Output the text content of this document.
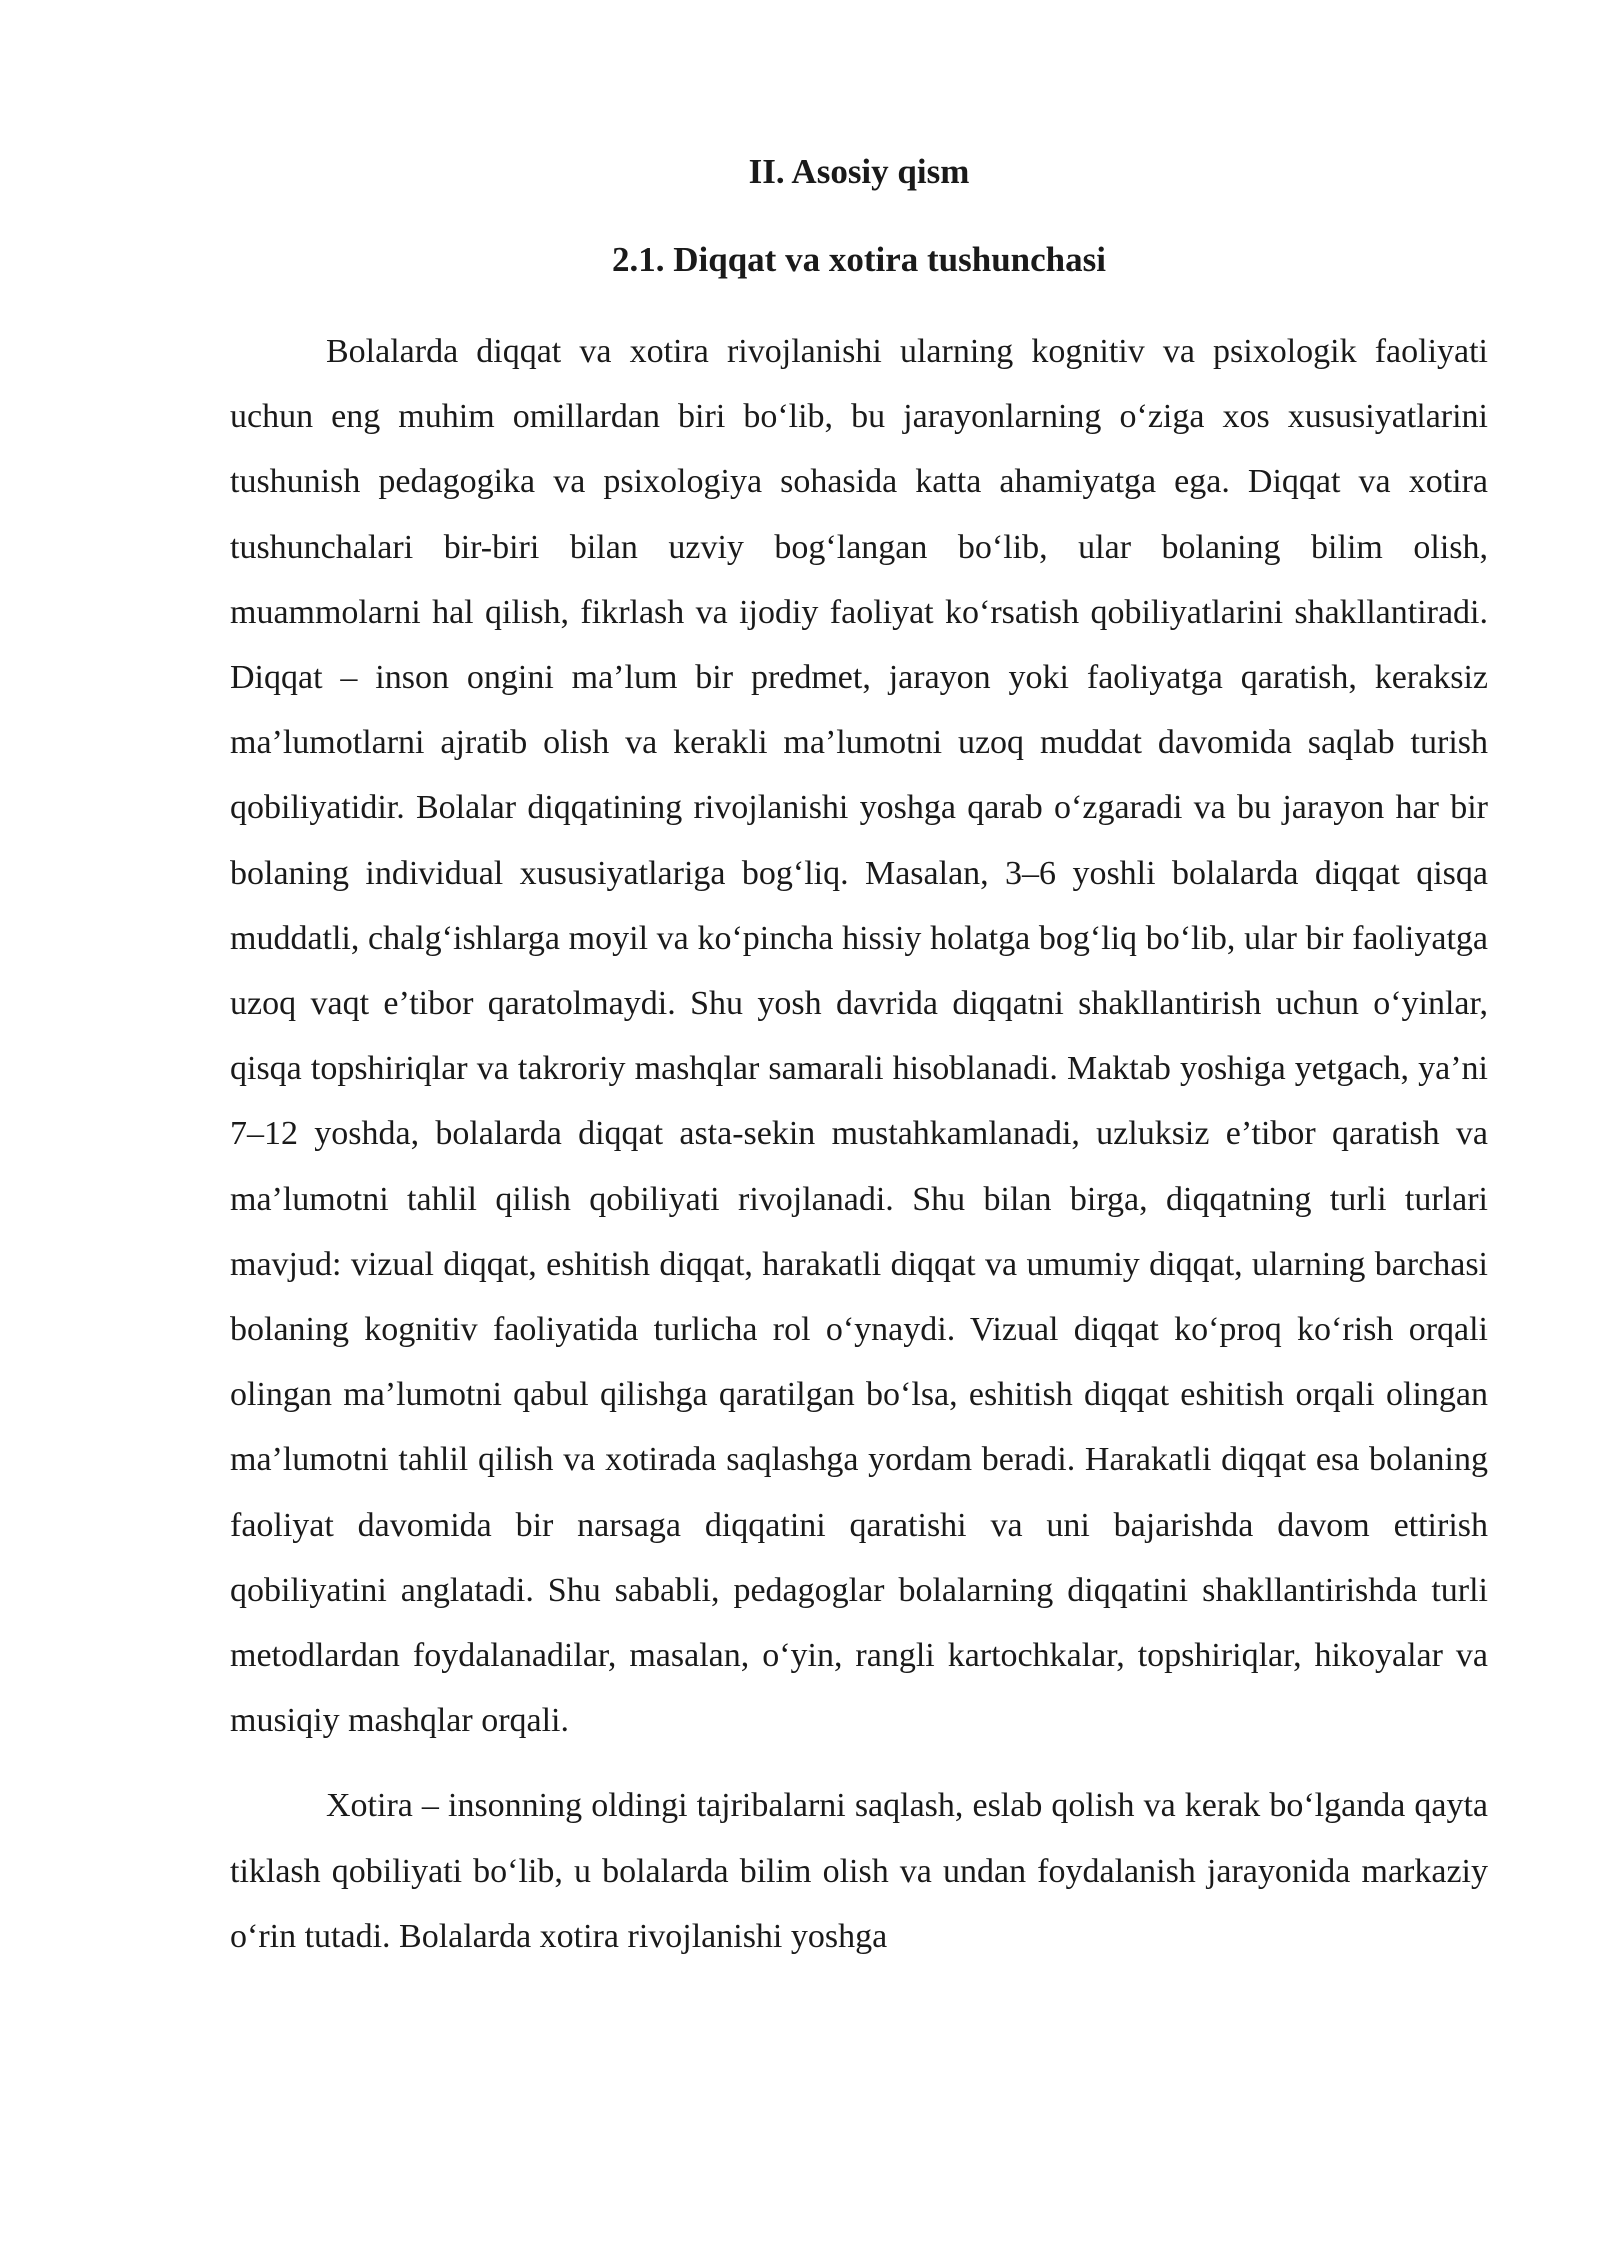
II. Asosiy qism

2.1. Diqqat va xotira tushunchasi

Bolalarda diqqat va xotira rivojlanishi ularning kognitiv va psixologik faoliyati uchun eng muhim omillardan biri bo‘lib, bu jarayonlarning o‘ziga xos xususiyatlarini tushunish pedagogika va psixologiya sohasida katta ahamiyatga ega. Diqqat va xotira tushunchalari bir-biri bilan uzviy bog‘langan bo‘lib, ular bolaning bilim olish, muammolarni hal qilish, fikrlash va ijodiy faoliyat ko‘rsatish qobiliyatlarini shakllantiradi. Diqqat – inson ongini ma’lum bir predmet, jarayon yoki faoliyatga qaratish, keraksiz ma’lumotlarni ajratib olish va kerakli ma’lumotni uzoq muddat davomida saqlab turish qobiliyatidir. Bolalar diqqatining rivojlanishi yoshga qarab o‘zgaradi va bu jarayon har bir bolaning individual xususiyatlariga bog‘liq. Masalan, 3–6 yoshli bolalarda diqqat qisqa muddatli, chalg‘ishlarga moyil va ko‘pincha hissiy holatga bog‘liq bo‘lib, ular bir faoliyatga uzoq vaqt e’tibor qaratolmaydi. Shu yosh davrida diqqatni shakllantirish uchun o‘yinlar, qisqa topshiriqlar va takroriy mashqlar samarali hisoblanadi. Maktab yoshiga yetgach, ya’ni 7–12 yoshda, bolalarda diqqat asta-sekin mustahkamlanadi, uzluksiz e’tibor qaratish va ma’lumotni tahlil qilish qobiliyati rivojlanadi. Shu bilan birga, diqqatning turli turlari mavjud: vizual diqqat, eshitish diqqat, harakatli diqqat va umumiy diqqat, ularning barchasi bolaning kognitiv faoliyatida turlicha rol o‘ynaydi. Vizual diqqat ko‘proq ko‘rish orqali olingan ma’lumotni qabul qilishga qaratilgan bo‘lsa, eshitish diqqat eshitish orqali olingan ma’lumotni tahlil qilish va xotirada saqlashga yordam beradi. Harakatli diqqat esa bolaning faoliyat davomida bir narsaga diqqatini qaratishi va uni bajarishda davom ettirish qobiliyatini anglatadi. Shu sababli, pedagoglar bolalarning diqqatini shakllantirishda turli metodlardan foydalanadilar, masalan, o‘yin, rangli kartochkalar, topshiriqlar, hikoyalar va musiqiy mashqlar orqali.

Xotira – insonning oldingi tajribalarni saqlash, eslab qolish va kerak bo‘lganda qayta tiklash qobiliyati bo‘lib, u bolalarda bilim olish va undan foydalanish jarayonida markaziy o‘rin tutadi. Bolalarda xotira rivojlanishi yoshga
